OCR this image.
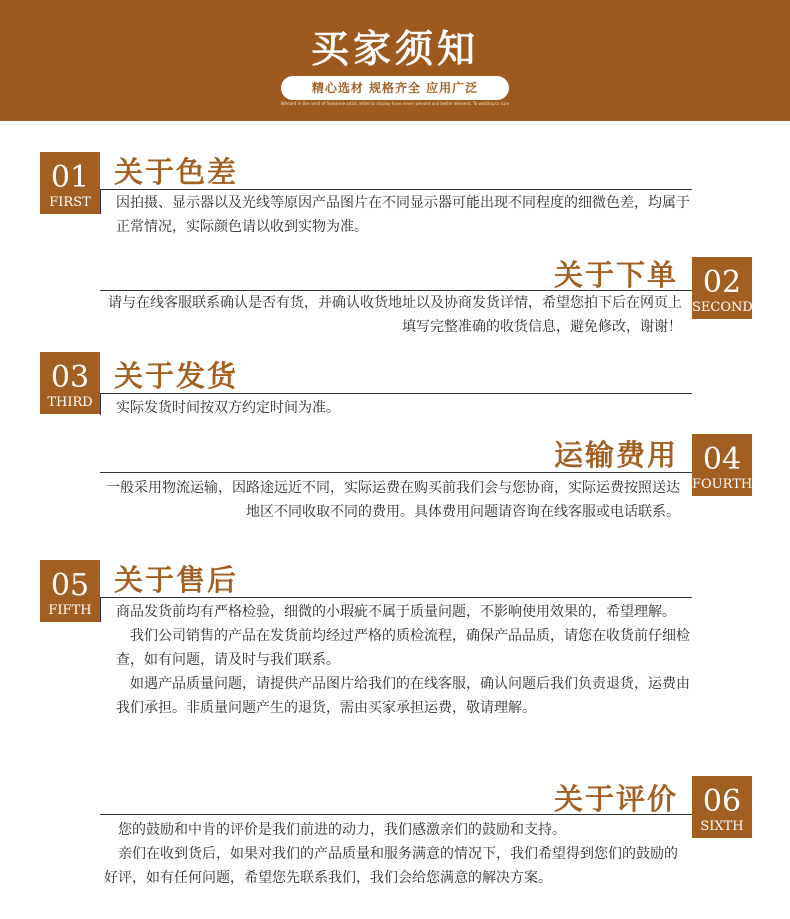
买家须知
精心选材 规格齐全 应用广泛
Wheard in the need of Sewanne artist, while to display have never wheard and better element. To wasting to sure
01
FIRST
关于色差

因拍摄、显示器以及光线等原因产品图片在不同显示器可能出现不同程度的细微色差，均属于正常情况，实际颜色请以收到实物为准。

关于下单 02
SECOND

请与在线客服联系确认是否有货，并确认收货地址以及协商发货详情，希望您拍下后在网页上填写完整准确的收货信息，避免修改，谢谢！

03
THIRD
关于发货

实际发货时间按双方约定时间为准。

运输费用 04
FOURTH

一般采用物流运输，因路途远近不同，实际运费在购买前我们会与您协商，实际运费按照送达地区不同收取不同的费用。具体费用问题请咨询在线客服或电话联系。

05
FIFTH
关于售后

商品发货前均有严格检验，细微的小瑕疵不属于质量问题，不影响使用效果的，希望理解。

我们公司销售的产品在发货前均经过严格的质检流程，确保产品品质，请您在收货前仔细检查，如有问题，请及时与我们联系。

如遇产品质量问题，请提供产品图片给我们的在线客服，确认问题后我们负责退货，运费由我们承担。非质量问题产生的退货，需由买家承担运费，敬请理解。

关于评价 06
SIXTH

您的鼓励和中肯的评价是我们前进的动力，我们感激亲们的鼓励和支持。

亲们在收到货后，如果对我们的产品质量和服务满意的情况下，我们希望得到您们的鼓励的好评，如有任何问题，希望您先联系我们，我们会给您满意的解决方案。
